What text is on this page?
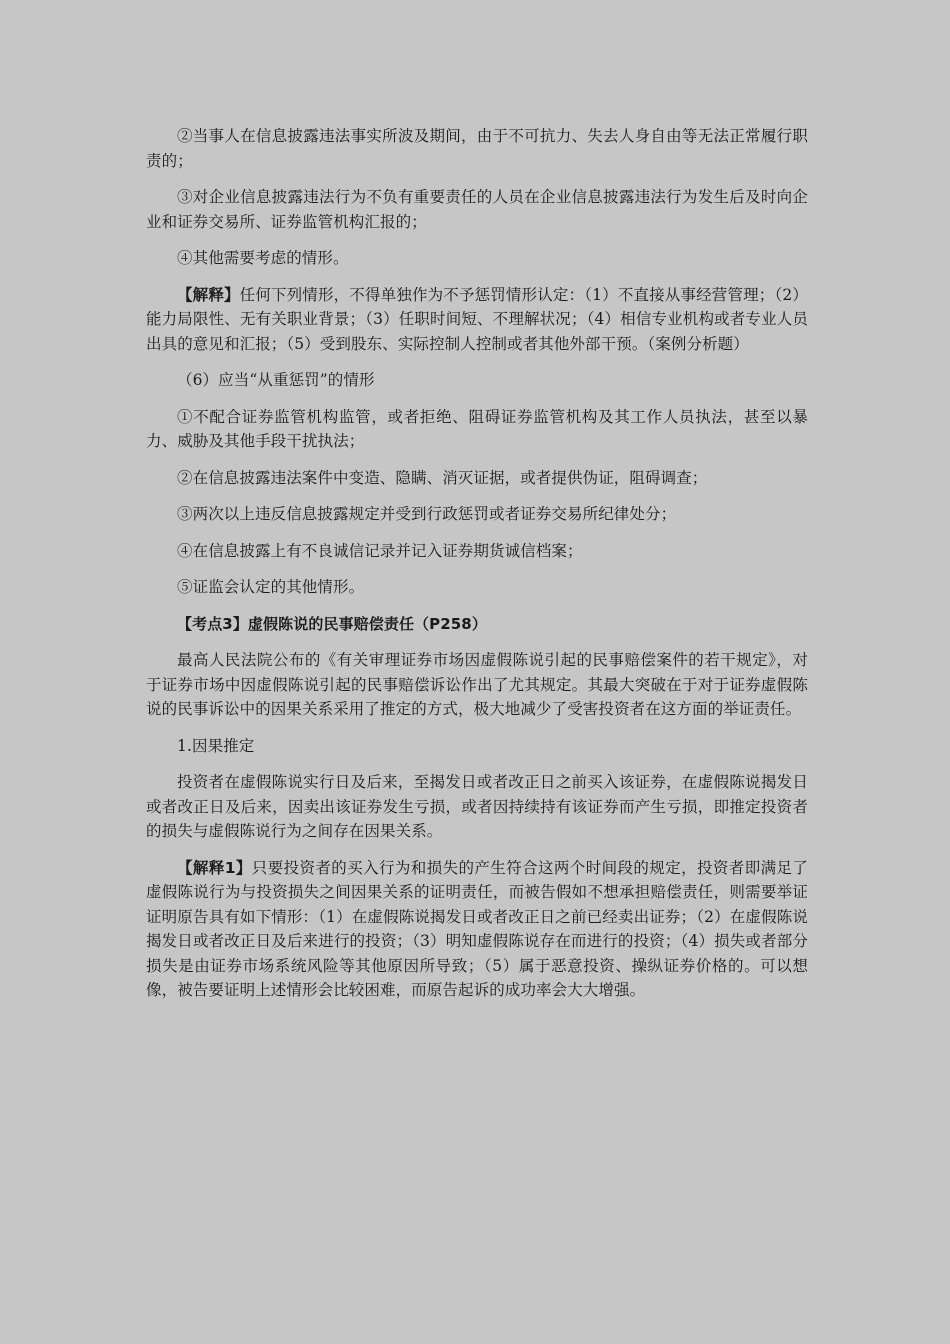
②当事人在信息披露违法事实所波及期间，由于不可抗力、失去人身自由等无法正常履行职责的；

③对企业信息披露违法行为不负有重要责任的人员在企业信息披露违法行为发生后及时向企业和证券交易所、证券监管机构汇报的；

④其他需要考虑的情形。

【解释】任何下列情形，不得单独作为不予惩罚情形认定：（1）不直接从事经营管理；（2）能力局限性、无有关职业背景；（3）任职时间短、不理解状况；（4）相信专业机构或者专业人员出具的意见和汇报；（5）受到股东、实际控制人控制或者其他外部干预。（案例分析题）

（6）应当“从重惩罚”的情形

①不配合证券监管机构监管，或者拒绝、阻碍证券监管机构及其工作人员执法，甚至以暴力、威胁及其他手段干扰执法；

②在信息披露违法案件中变造、隐瞒、消灭证据，或者提供伪证，阻碍调查；

③两次以上违反信息披露规定并受到行政惩罚或者证券交易所纪律处分；

④在信息披露上有不良诚信记录并记入证券期货诚信档案；

⑤证监会认定的其他情形。

【考点3】虚假陈说的民事赔偿责任（P258）

最高人民法院公布的《有关审理证券市场因虚假陈说引起的民事赔偿案件的若干规定》，对于证券市场中因虚假陈说引起的民事赔偿诉讼作出了尤其规定。其最大突破在于对于证券虚假陈说的民事诉讼中的因果关系采用了推定的方式，极大地减少了受害投资者在这方面的举证责任。

1.因果推定

投资者在虚假陈说实行日及后来，至揭发日或者改正日之前买入该证券，在虚假陈说揭发日或者改正日及后来，因卖出该证券发生亏损，或者因持续持有该证券而产生亏损，即推定投资者的损失与虚假陈说行为之间存在因果关系。

【解释1】只要投资者的买入行为和损失的产生符合这两个时间段的规定，投资者即满足了虚假陈说行为与投资损失之间因果关系的证明责任，而被告假如不想承担赔偿责任，则需要举证证明原告具有如下情形：（1）在虚假陈说揭发日或者改正日之前已经卖出证券；（2）在虚假陈说揭发日或者改正日及后来进行的投资；（3）明知虚假陈说存在而进行的投资；（4）损失或者部分损失是由证券市场系统风险等其他原因所导致；（5）属于恶意投资、操纵证券价格的。可以想像，被告要证明上述情形会比较困难，而原告起诉的成功率会大大增强。
